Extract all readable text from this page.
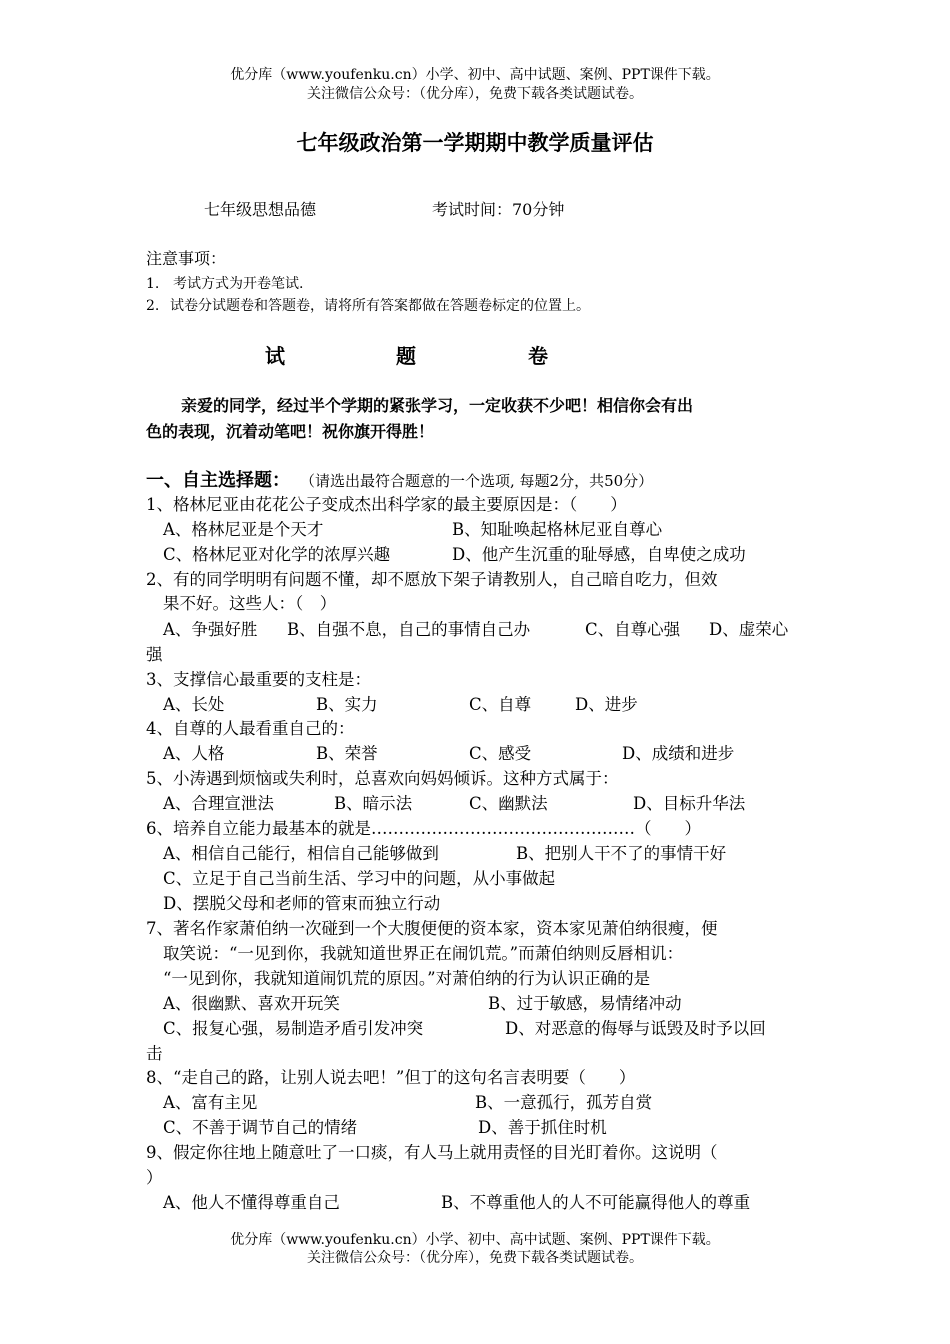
优分库（www.youfenku.cn）小学、初中、高中试题、案例、PPT课件下载。
关注微信公众号：（优分库），免费下载各类试题试卷。
七年级政治第一学期期中教学质量评估
七年级思想品德	考试时间：70分钟
注意事项：
1. 考试方式为开卷笔试.
2. 试卷分试题卷和答题卷，请将所有答案都做在答题卷标定的位置上。
试	题	卷
亲爱的同学，经过半个学期的紧张学习，一定收获不少吧！相信你会有出
色的表现，沉着动笔吧！祝你旗开得胜！
一、自主选择题： （请选出最符合题意的一个选项, 每题2分，共50分）
1、格林尼亚由花花公子变成杰出科学家的最主要原因是：（　　）
A、格林尼亚是个天才	B、知耻唤起格林尼亚自尊心
C、格林尼亚对化学的浓厚兴趣	D、他产生沉重的耻辱感，自卑使之成功
2、有的同学明明有问题不懂，却不愿放下架子请教别人，自己暗自吃力，但效
果不好。这些人：（　）
A、争强好胜 B、自强不息，自己的事情自己办	C、自尊心强 D、虚荣心
强
3、支撑信心最重要的支柱是：
A、长处	B、实力	C、自尊	D、进步
4、自尊的人最看重自己的：
A、人格	B、荣誉	C、感受	D、成绩和进步
5、小涛遇到烦恼或失利时，总喜欢向妈妈倾诉。这种方式属于：
A、合理宣泄法	B、暗示法	C、幽默法	D、目标升华法
6、培养自立能力最基本的就是…………………………………………（　　）
A、相信自己能行，相信自己能够做到	B、把别人干不了的事情干好
C、立足于自己当前生活、学习中的问题，从小事做起
D、摆脱父母和老师的管束而独立行动
7、著名作家萧伯纳一次碰到一个大腹便便的资本家，资本家见萧伯纳很瘦，便
取笑说：“一见到你，我就知道世界正在闹饥荒。”而萧伯纳则反唇相讥：
“一见到你，我就知道闹饥荒的原因。”对萧伯纳的行为认识正确的是
A、很幽默、喜欢开玩笑	B、过于敏感，易情绪冲动
C、报复心强，易制造矛盾引发冲突	D、对恶意的侮辱与诋毁及时予以回
击
8、“走自己的路，让别人说去吧！”但丁的这句名言表明要（　　）
A、富有主见	B、一意孤行，孤芳自赏
C、不善于调节自己的情绪	D、善于抓住时机
9、假定你往地上随意吐了一口痰，有人马上就用责怪的目光盯着你。这说明（
）
A、他人不懂得尊重自己	B、不尊重他人的人不可能赢得他人的尊重
优分库（www.youfenku.cn）小学、初中、高中试题、案例、PPT课件下载。
关注微信公众号：（优分库），免费下载各类试题试卷。
